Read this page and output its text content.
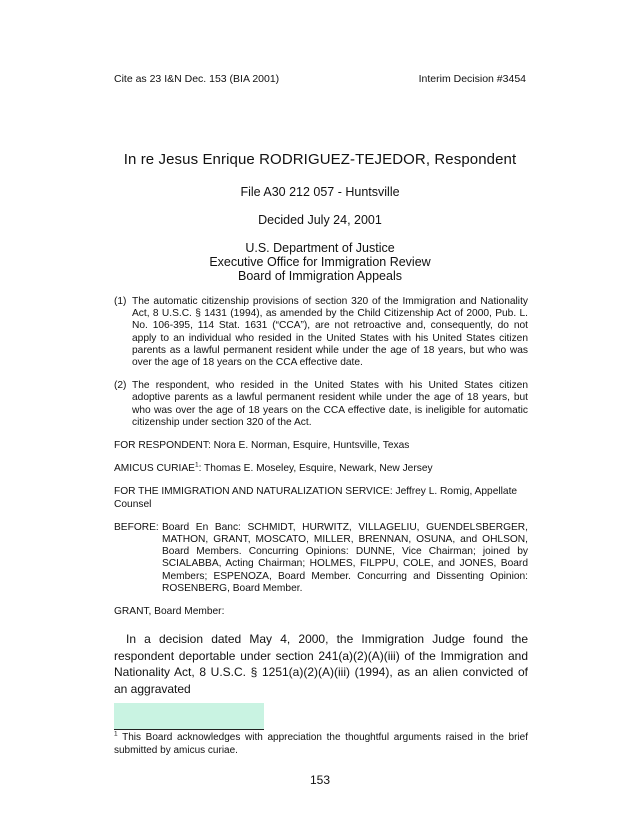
Cite as 23 I&N Dec. 153 (BIA 2001)	Interim Decision #3454

In re Jesus Enrique RODRIGUEZ-TEJEDOR, Respondent

File A30 212 057 - Huntsville
Decided July 24, 2001
U.S. Department of Justice
Executive Office for Immigration Review
Board of Immigration Appeals
(1) The automatic citizenship provisions of section 320 of the Immigration and Nationality Act, 8 U.S.C. § 1431 (1994), as amended by the Child Citizenship Act of 2000, Pub. L. No. 106-395, 114 Stat. 1631 (“CCA”), are not retroactive and, consequently, do not apply to an individual who resided in the United States with his United States citizen parents as a lawful permanent resident while under the age of 18 years, but who was over the age of 18 years on the CCA effective date.
(2) The respondent, who resided in the United States with his United States citizen adoptive parents as a lawful permanent resident while under the age of 18 years, but who was over the age of 18 years on the CCA effective date, is ineligible for automatic citizenship under section 320 of the Act.

FOR RESPONDENT: Nora E. Norman, Esquire, Huntsville, Texas

AMICUS CURIAE$^1$: Thomas E. Moseley, Esquire, Newark, New Jersey

FOR THE IMMIGRATION AND NATURALIZATION SERVICE: Jeffrey L. Romig, Appellate Counsel

BEFORE: Board En Banc: SCHMIDT, HURWITZ, VILLAGELIU, GUENDELSBERGER, MATHON, GRANT, MOSCATO, MILLER, BRENNAN, OSUNA, and OHLSON, Board Members. Concurring Opinions: DUNNE, Vice Chairman; joined by SCIALABBA, Acting Chairman; HOLMES, FILPPU, COLE, and JONES, Board Members; ESPENOZA, Board Member. Concurring and Dissenting Opinion: ROSENBERG, Board Member.

GRANT, Board Member:

In a decision dated May 4, 2000, the Immigration Judge found the respondent deportable under section 241(a)(2)(A)(iii) of the Immigration and Nationality Act, 8 U.S.C. § 1251(a)(2)(A)(iii) (1994), as an alien convicted of an aggravated

$^1$ This Board acknowledges with appreciation the thoughtful arguments raised in the brief submitted by amicus curiae.
153
